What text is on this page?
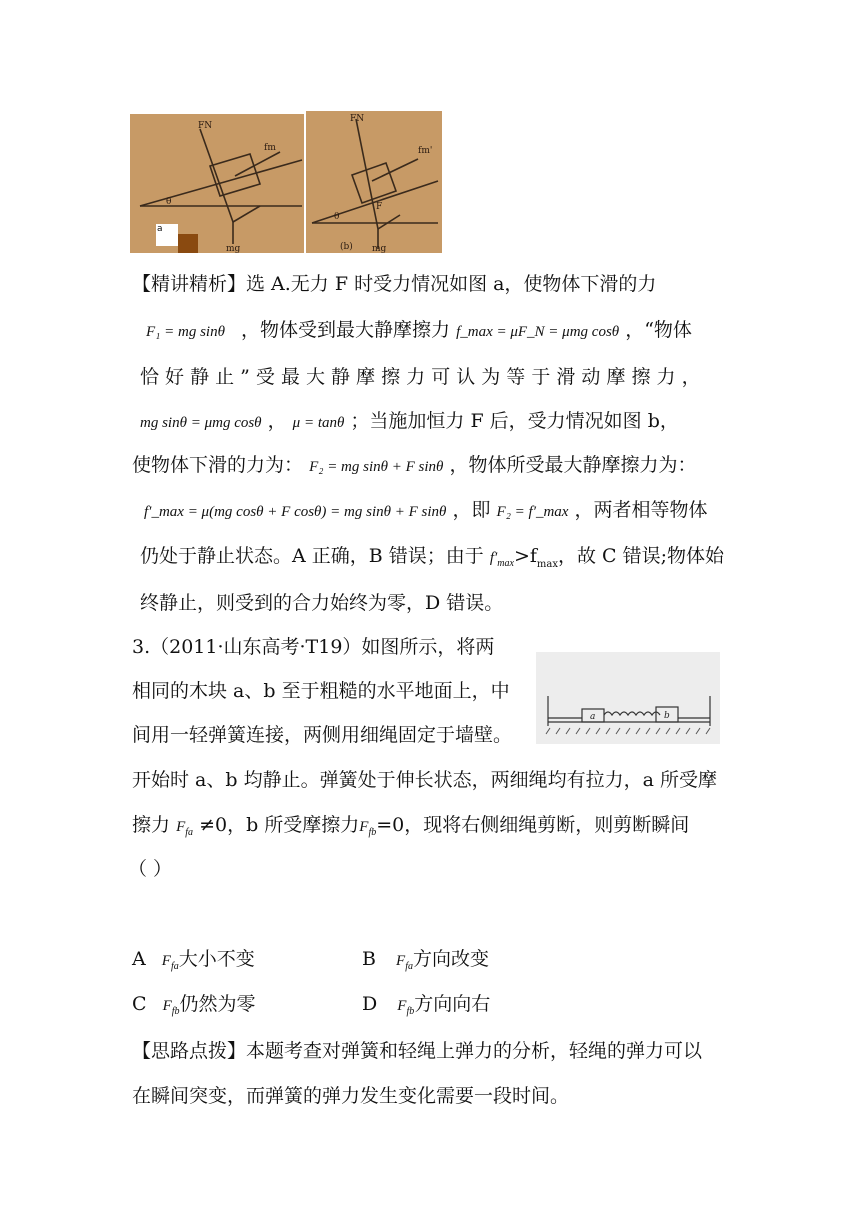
FN
fm
θ
mg
a
FN
fm'
F
θ
mg
(b)
【精讲精析】选 A.无力 F 时受力情况如图 a，使物体下滑的力
F₁ = mg sinθ ，物体受到最大静摩擦力 f_max = μF_N = μmg cosθ ，“物体
恰 好 静 止 ” 受 最 大 静 摩 擦 力 可 认 为 等 于 滑 动 摩 擦 力 ，
mg sinθ = μmg cosθ ， μ = tanθ ；当施加恒力 F 后，受力情况如图 b，
使物体下滑的力为： F₂ = mg sinθ + F sinθ ，物体所受最大静摩擦力为：
f′_max = μ(mg cosθ + F cosθ) = mg sinθ + F sinθ ，即 F₂ = f′_max ，两者相等物体
仍处于静止状态。A 正确，B 错误；由于 $f'_{max}>f_{max}$，故 C 错误;物体始
终静止，则受到的合力始终为零，D 错误。
3.（2011·山东高考·T19）如图所示，将两
相同的木块 a、b 至于粗糙的水平地面上，中
间用一轻弹簧连接，两侧用细绳固定于墙壁。
a	b
开始时 a、b 均静止。弹簧处于伸长状态，两细绳均有拉力，a 所受摩
擦力 $F_{fa} \ne 0$，b 所受摩擦力$F_{fb}=0$，现将右侧细绳剪断，则剪断瞬间
（ ）
A $F_{fa}$大小不变	B $F_{fa}$方向改变
C $F_{fb}$仍然为零	D $F_{fb}$方向向右
【思路点拨】本题考查对弹簧和轻绳上弹力的分析，轻绳的弹力可以
在瞬间突变，而弹簧的弹力发生变化需要一段时间。
